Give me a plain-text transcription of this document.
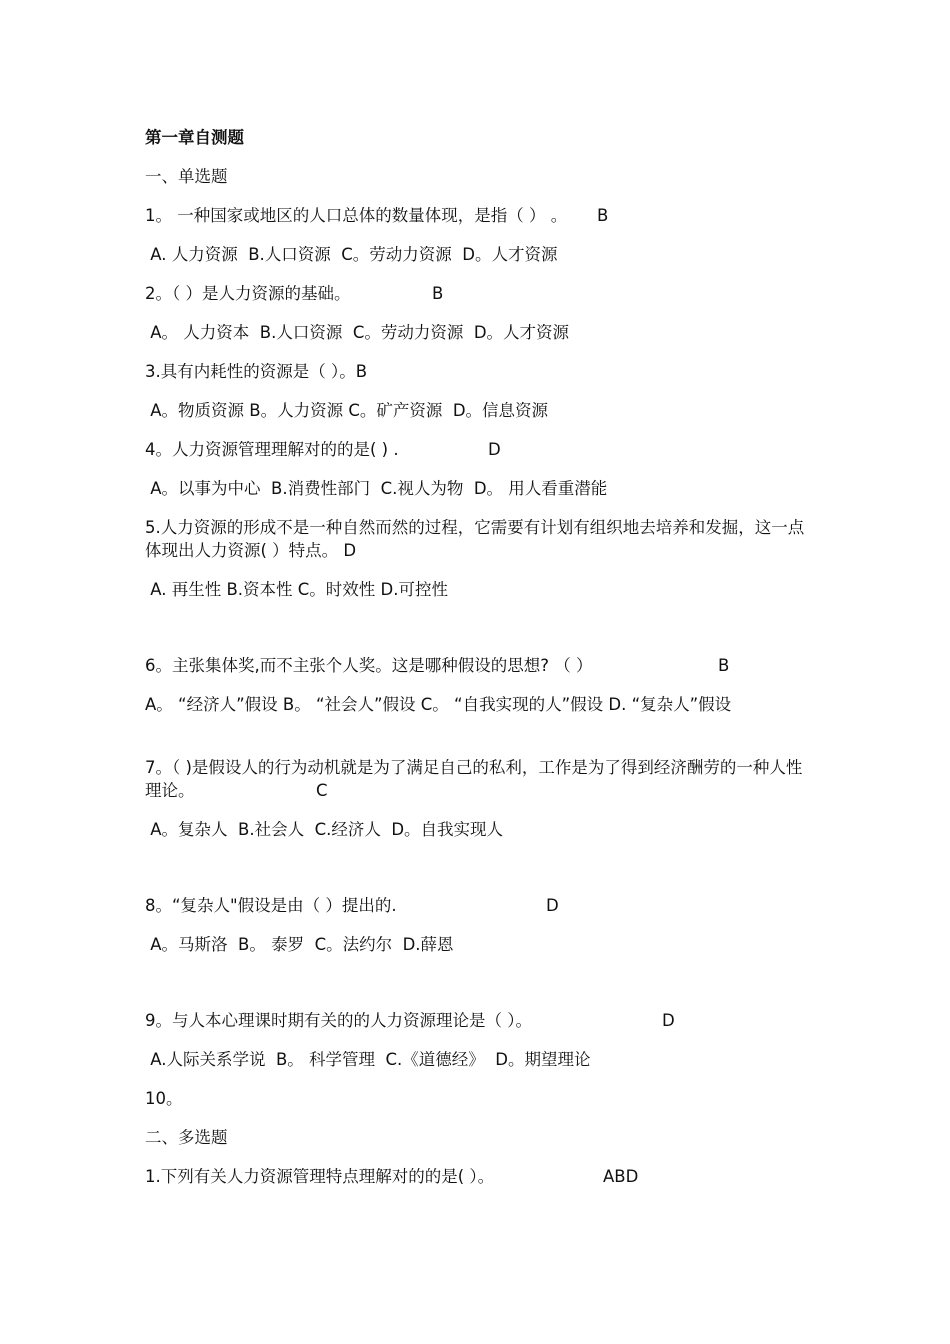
第一章自测题

一、单选题

1。 一种国家或地区的人口总体的数量体现，是指（ ） 。 B

A. 人力资源  B.人口资源  C。劳动力资源  D。人才资源

2。（ ）是人力资源的基础。	B

A。 人力资本  B.人口资源  C。劳动力资源  D。人才资源

3.具有内耗性的资源是（ ）。B

A。物质资源 B。人力资源 C。矿产资源  D。信息资源

4。人力资源管理理解对的的是( ) .	D

A。以事为中心  B.消费性部门  C.视人为物  D。 用人看重潜能

5.人力资源的形成不是一种自然而然的过程，它需要有计划有组织地去培养和发掘，这一点体现出人力资源( ）特点。 D

A. 再生性 B.资本性 C。时效性 D.可控性

6。主张集体奖,而不主张个人奖。这是哪种假设的思想? （ ）	B

A。 “经济人”假设 B。 “社会人”假设 C。 “自我实现的人”假设 D. “复杂人”假设

7。（ )是假设人的行为动机就是为了满足自己的私利，工作是为了得到经济酬劳的一种人性理论。	C

A。复杂人  B.社会人  C.经济人  D。自我实现人

8。“复杂人"假设是由（ ）提出的.	D

A。马斯洛  B。 泰罗  C。法约尔  D.薛恩

9。与人本心理课时期有关的的人力资源理论是（ ）。	D

A.人际关系学说  B。 科学管理  C.《道德经》  D。期望理论

10。

二、多选题

1.下列有关人力资源管理特点理解对的的是( ）。	ABD
